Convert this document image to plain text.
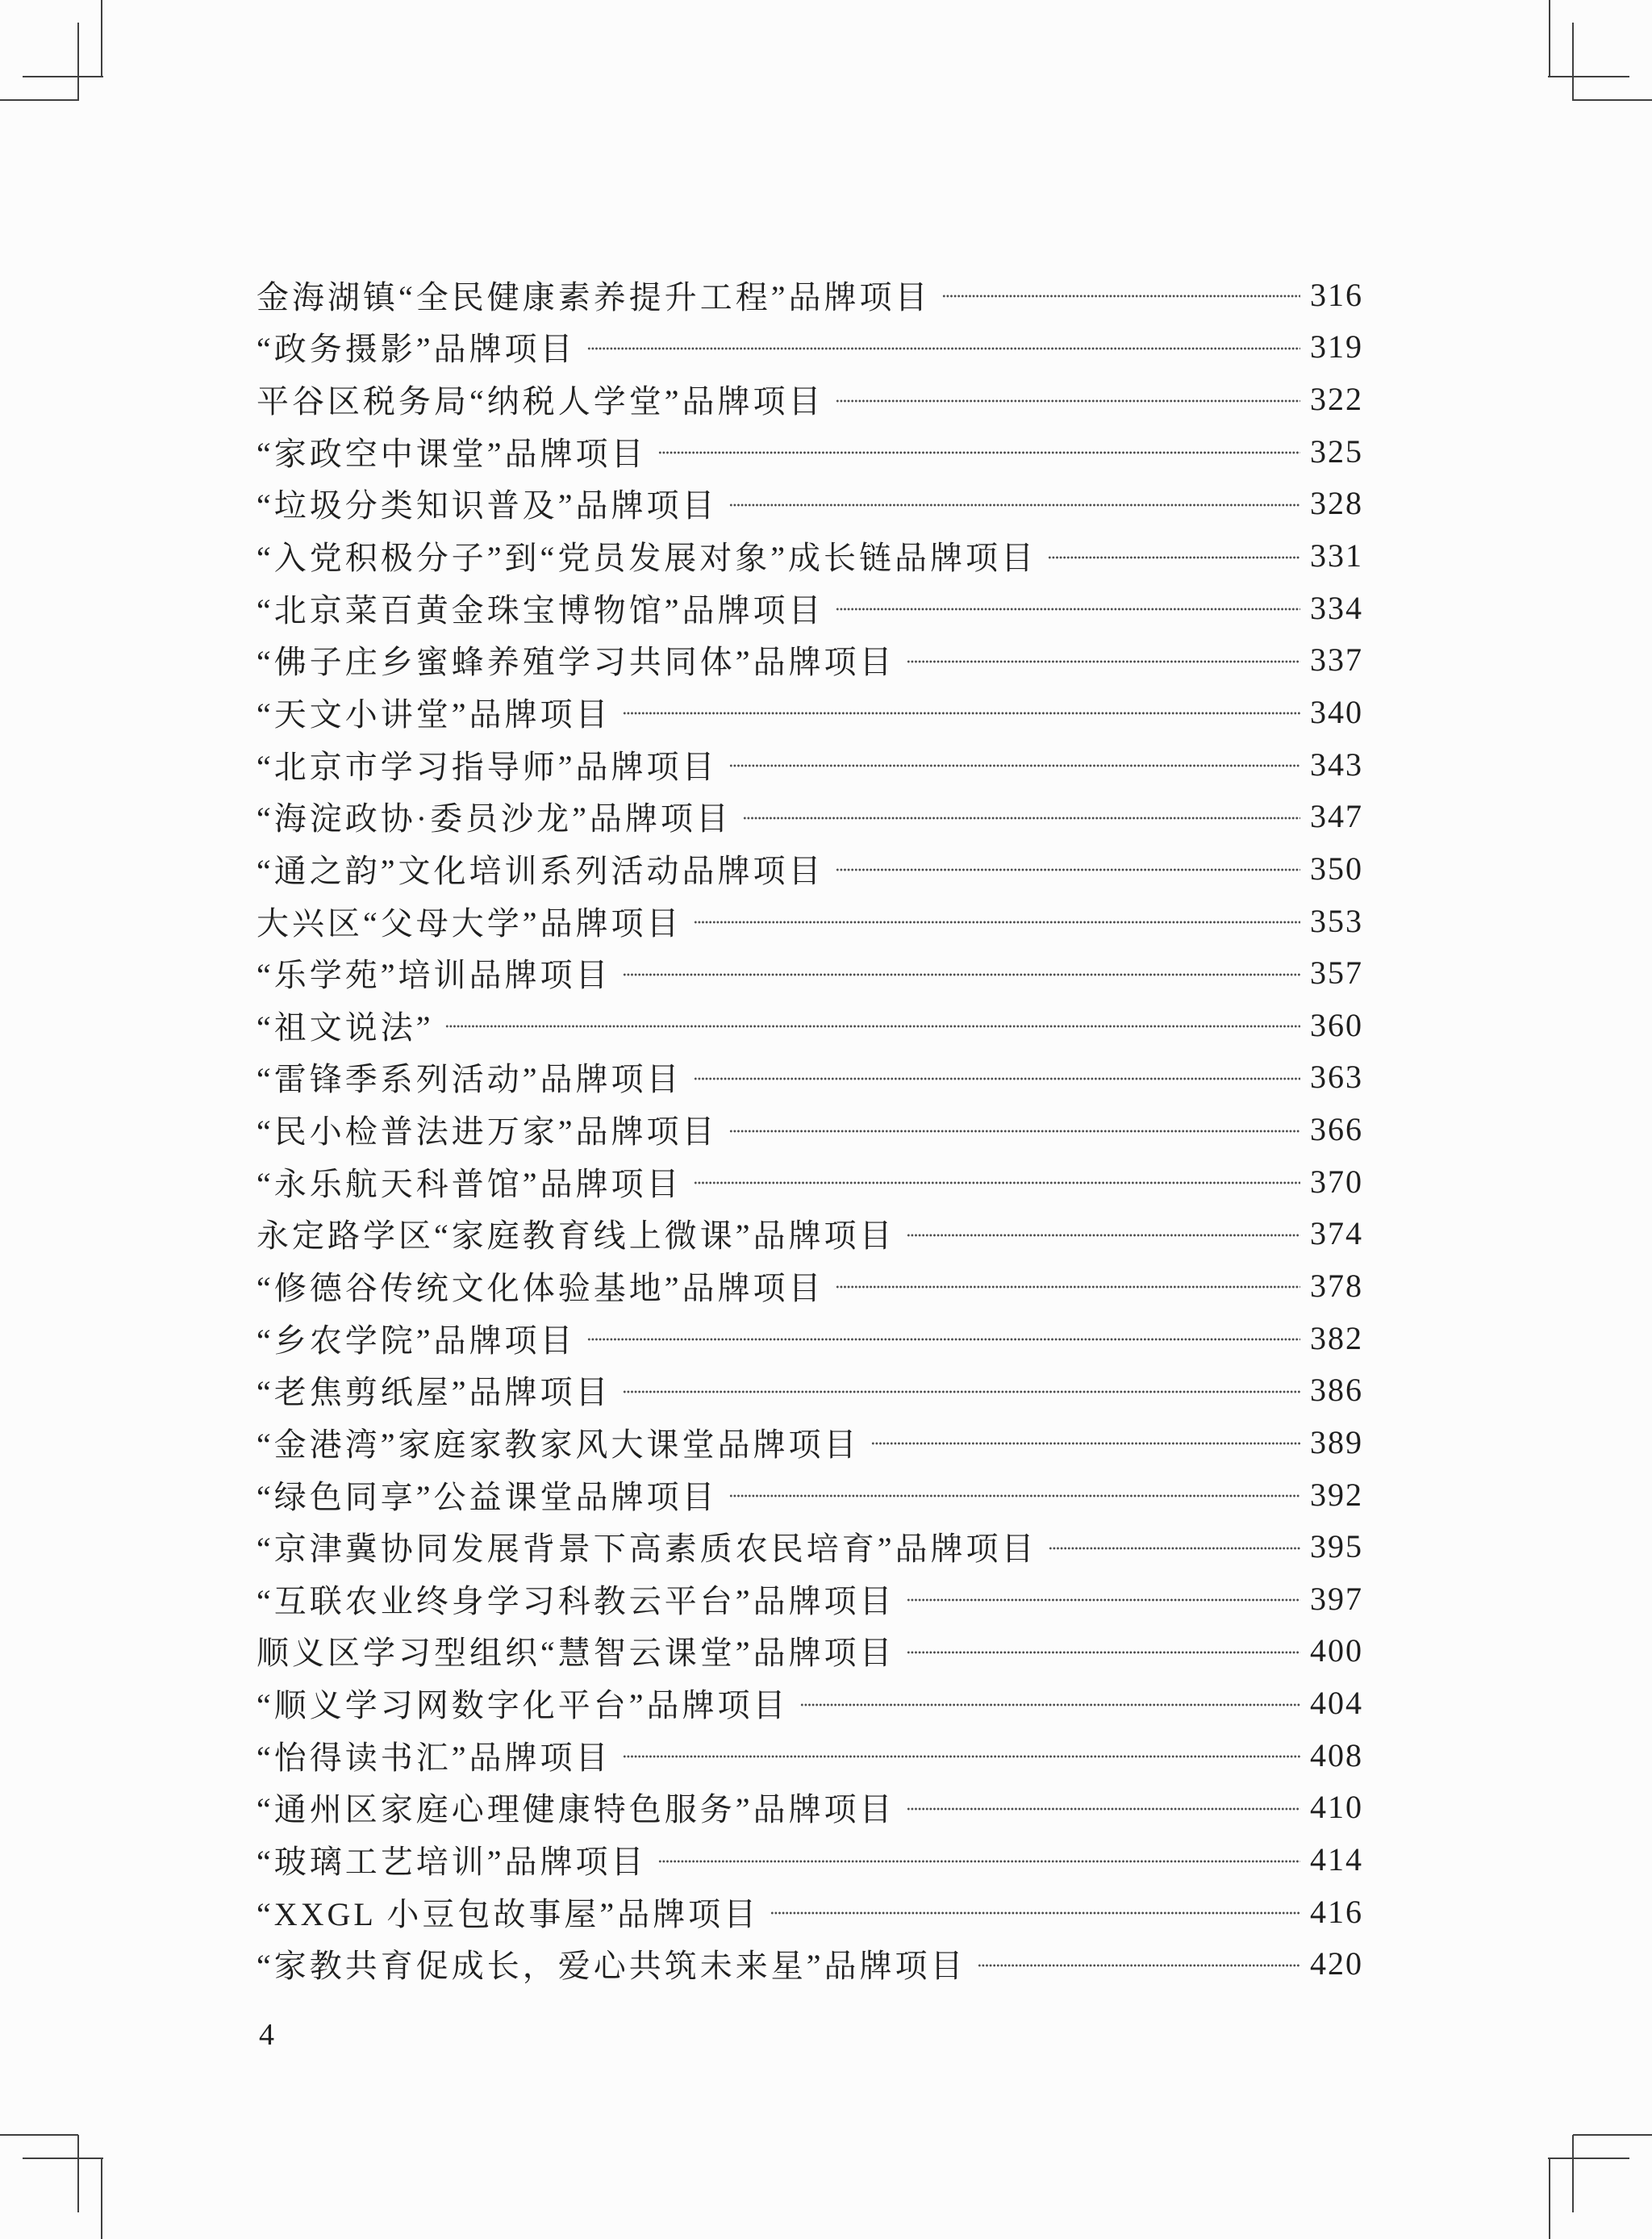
金海湖镇“全民健康素养提升工程”品牌项目	316
“政务摄影”品牌项目	319
平谷区税务局“纳税人学堂”品牌项目	322
“家政空中课堂”品牌项目	325
“垃圾分类知识普及”品牌项目	328
“入党积极分子”到“党员发展对象”成长链品牌项目	331
“北京菜百黄金珠宝博物馆”品牌项目	334
“佛子庄乡蜜蜂养殖学习共同体”品牌项目	337
“天文小讲堂”品牌项目	340
“北京市学习指导师”品牌项目	343
“海淀政协·委员沙龙”品牌项目	347
“通之韵”文化培训系列活动品牌项目	350
大兴区“父母大学”品牌项目	353
“乐学苑”培训品牌项目	357
“祖文说法”	360
“雷锋季系列活动”品牌项目	363
“民小检普法进万家”品牌项目	366
“永乐航天科普馆”品牌项目	370
永定路学区“家庭教育线上微课”品牌项目	374
“修德谷传统文化体验基地”品牌项目	378
“乡农学院”品牌项目	382
“老焦剪纸屋”品牌项目	386
“金港湾”家庭家教家风大课堂品牌项目	389
“绿色同享”公益课堂品牌项目	392
“京津冀协同发展背景下高素质农民培育”品牌项目	395
“互联农业终身学习科教云平台”品牌项目	397
顺义区学习型组织“慧智云课堂”品牌项目	400
“顺义学习网数字化平台”品牌项目	404
“怡得读书汇”品牌项目	408
“通州区家庭心理健康特色服务”品牌项目	410
“玻璃工艺培训”品牌项目	414
“XXGL 小豆包故事屋”品牌项目	416
“家教共育促成长，爱心共筑未来星”品牌项目	420
4
